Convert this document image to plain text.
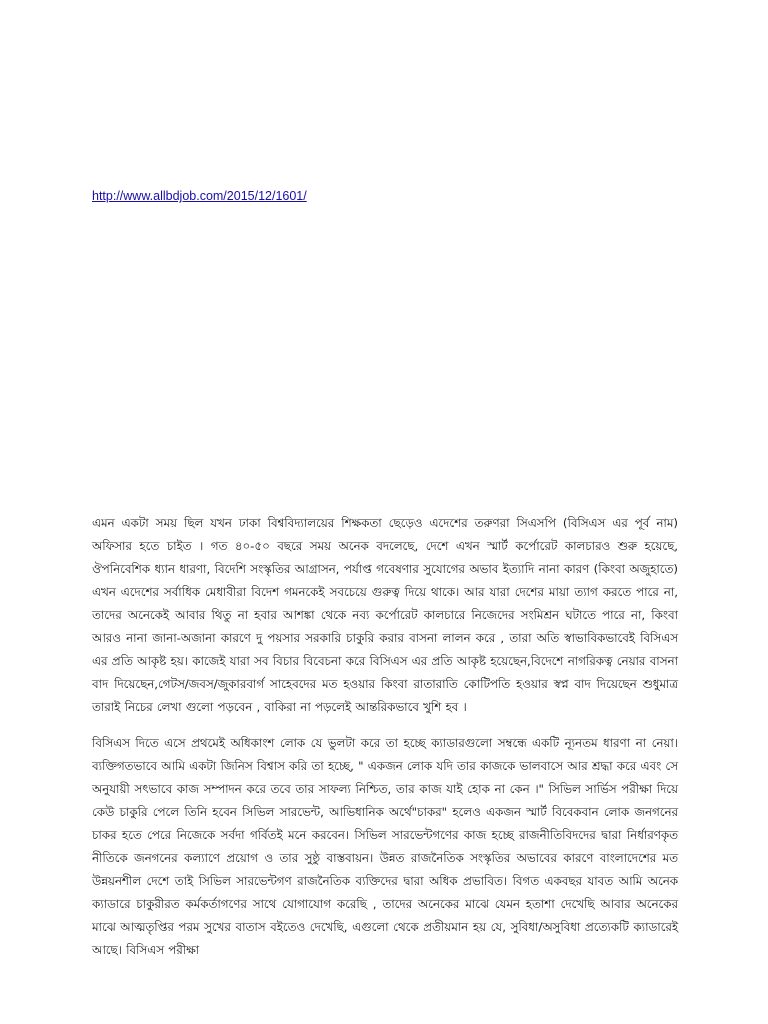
http://www.allbdjob.com/2015/12/1601/

এমন একটা সময় ছিল যখন ঢাকা বিশ্ববিদ্যালয়ের শিক্ষকতা ছেড়েও এদেশের তরুণরা সিএসপি (বিসিএস এর পূর্ব নাম) অফিসার হতে চাইত । গত ৪০-৫০ বছরে সময় অনেক বদলেছে, দেশে এখন স্মার্ট কর্পোরেট কালচারও শুরু হয়েছে, ঔপনিবেশিক ধ্যান ধারণা, বিদেশি সংস্কৃতির আগ্রাসন, পর্যাপ্ত গবেষণার সুযোগের অভাব ইত্যাদি নানা কারণ (কিংবা অজুহাতে) এখন এদেশের সর্বাধিক মেধাবীরা বিদেশ গমনকেই সবচেয়ে গুরুত্ব দিয়ে থাকে। আর যারা দেশের মায়া ত্যাগ করতে পারে না, তাদের অনেকেই আবার থিতু না হবার আশঙ্কা থেকে নব্য কর্পোরেট কালচারে নিজেদের সংমিশ্রন ঘটাতে পারে না, কিংবা আরও নানা জানা-অজানা কারণে দু পয়সার সরকারি চাকুরি করার বাসনা লালন করে , তারা অতি স্বাভাবিকভাবেই বিসিএস এর প্রতি আকৃষ্ট হয়। কাজেই যারা সব বিচার বিবেচনা করে বিসিএস এর প্রতি আকৃষ্ট হয়েছেন,বিদেশে নাগরিকত্ব নেয়ার বাসনা বাদ দিয়েছেন,গেটস/জবস/জুকারবার্গ সাহেবদের মত হওয়ার কিংবা রাতারাতি কোটিপতি হওয়ার স্বপ্ন বাদ দিয়েছেন শুধুমাত্র তারাই নিচের লেখা গুলো পড়বেন , বাকিরা না পড়লেই আন্তরিকভাবে খুশি হব ।

বিসিএস দিতে এসে প্রথমেই অধিকাংশ লোক যে ভুলটা করে তা হচ্ছে ক্যাডারগুলো সম্বন্ধে একটি ন্যূনতম ধারণা না নেয়া। ব্যক্তিগতভাবে আমি একটা জিনিস বিশ্বাস করি তা হচ্ছে, " একজন লোক যদি তার কাজকে ভালবাসে আর শ্রদ্ধা করে এবং সে অনুযায়ী সৎভাবে কাজ সম্পাদন করে তবে তার সাফল্য নিশ্চিত, তার কাজ যাই হোক না কেন ।" সিভিল সার্ভিস পরীক্ষা দিয়ে কেউ চাকুরি পেলে তিনি হবেন সিভিল সারভেন্ট, আভিধানিক অর্থে"চাকর" হলেও একজন স্মার্ট বিবেকবান লোক জনগনের চাকর হতে পেরে নিজেকে সর্বদা গর্বিতই মনে করবেন। সিভিল সারভেন্টগণের কাজ হচ্ছে রাজনীতিবিদদের দ্বারা নির্ধারণকৃত নীতিকে জনগনের কল্যাণে প্রয়োগ ও তার সুষ্ঠু বাস্তবায়ন। উন্নত রাজনৈতিক সংস্কৃতির অভাবের কারণে বাংলাদেশের মত উন্নয়নশীল দেশে তাই সিভিল সারভেন্টগণ রাজনৈতিক ব্যক্তিদের দ্বারা অধিক প্রভাবিত। বিগত একবছর যাবত আমি অনেক ক্যাডারে চাকুরীরত কর্মকর্তাগণের সাথে যোগাযোগ করেছি , তাদের অনেকের মাঝে যেমন হতাশা দেখেছি আবার অনেকের মাঝে আত্মতৃপ্তির পরম সুখের বাতাস বইতেও দেখেছি, এগুলো থেকে প্রতীয়মান হয় যে, সুবিধা/অসুবিধা প্রত্যেকটি ক্যাডারেই আছে। বিসিএস পরীক্ষা
